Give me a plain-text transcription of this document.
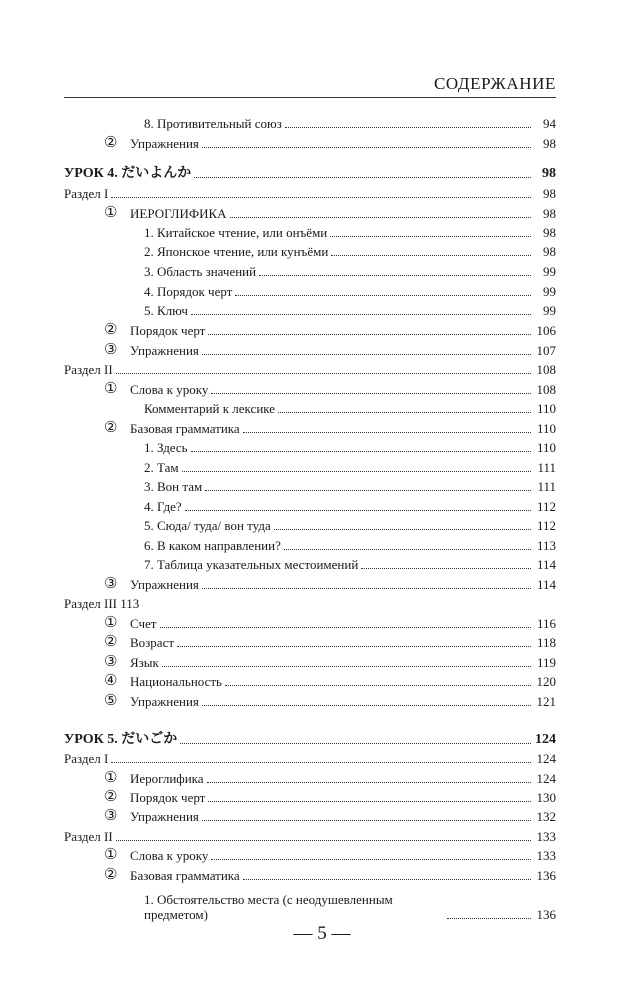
СОДЕРЖАНИЕ
8. Противительный союз	94
② Упражнения	98
УРОК 4. だいよんか	98
Раздел I	98
① ИЕРОГЛИФИКА	98
1. Китайское чтение, или онъёми	98
2. Японское чтение, или кунъёми	98
3. Область значений	99
4. Порядок черт	99
5. Ключ	99
② Порядок черт	106
③ Упражнения	107
Раздел II	108
① Слова к уроку	108
Комментарий к лексике	110
② Базовая грамматика	110
1. Здесь	110
2. Там	111
3. Вон там	111
4. Где?	112
5. Сюда/ туда/ вон туда	112
6. В каком направлении?	113
7. Таблица указательных местоимений	114
③ Упражнения	114
Раздел III 113
① Счет	116
② Возраст	118
③ Язык	119
④ Национальность	120
⑤ Упражнения	121
УРОК 5. だいごか	124
Раздел I	124
① Иероглифика	124
② Порядок черт	130
③ Упражнения	132
Раздел II	133
① Слова к уроку	133
② Базовая грамматика	136
1. Обстоятельство места (с неодушевленным предметом)	136
— 5 —
